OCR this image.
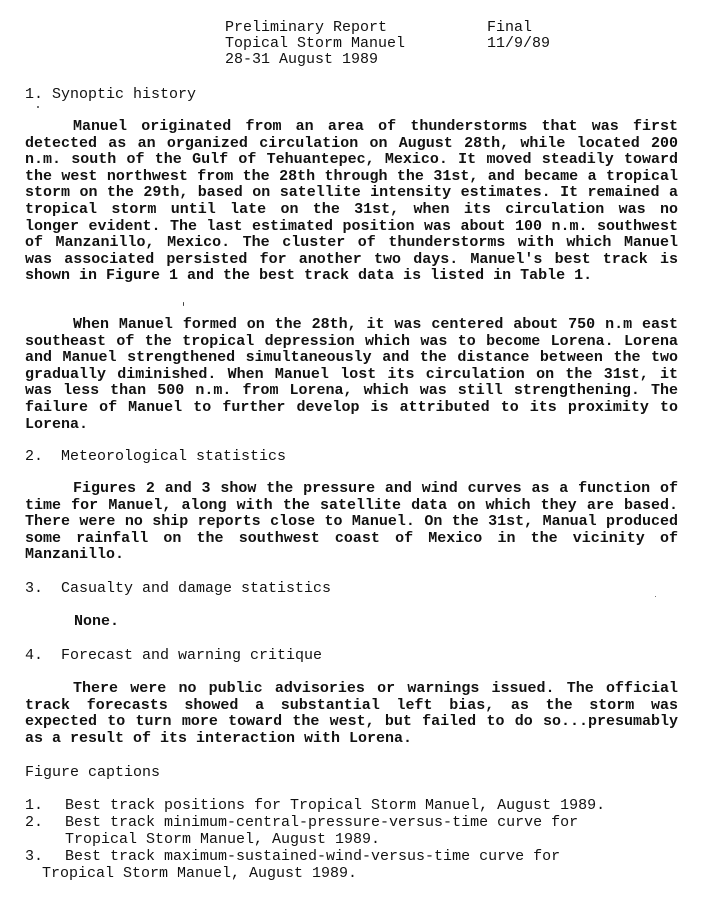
Preliminary Report
Topical Storm Manuel
28-31 August 1989
Final
11/9/89
1. Synoptic history
Manuel originated from an area of thunderstorms that was first detected as an organized circulation on August 28th, while located 200 n.m. south of the Gulf of Tehuantepec, Mexico. It moved steadily toward the west northwest from the 28th through the 31st, and became a tropical storm on the 29th, based on satellite intensity estimates. It remained a tropical storm until late on the 31st, when its circulation was no longer evident. The last estimated position was about 100 n.m. southwest of Manzanillo, Mexico. The cluster of thunderstorms with which Manuel was associated persisted for another two days. Manuel's best track is shown in Figure 1 and the best track data is listed in Table 1.
When Manuel formed on the 28th, it was centered about 750 n.m east southeast of the tropical depression which was to become Lorena. Lorena and Manuel strengthened simultaneously and the distance between the two gradually diminished. When Manuel lost its circulation on the 31st, it was less than 500 n.m. from Lorena, which was still strengthening. The failure of Manuel to further develop is attributed to its proximity to Lorena.
2.  Meteorological statistics
Figures 2 and 3 show the pressure and wind curves as a function of time for Manuel, along with the satellite data on which they are based. There were no ship reports close to Manuel. On the 31st, Manual produced some rainfall on the southwest coast of Mexico in the vicinity of Manzanillo.
3.  Casualty and damage statistics
None.
4.  Forecast and warning critique
There were no public advisories or warnings issued. The official track forecasts showed a substantial left bias, as the storm was expected to turn more toward the west, but failed to do so...presumably as a result of its interaction with Lorena.
Figure captions
1. Best track positions for Tropical Storm Manuel, August 1989.
2. Best track minimum-central-pressure-versus-time curve for
Tropical Storm Manuel, August 1989.
3. Best track maximum-sustained-wind-versus-time curve for
Tropical Storm Manuel, August 1989.
